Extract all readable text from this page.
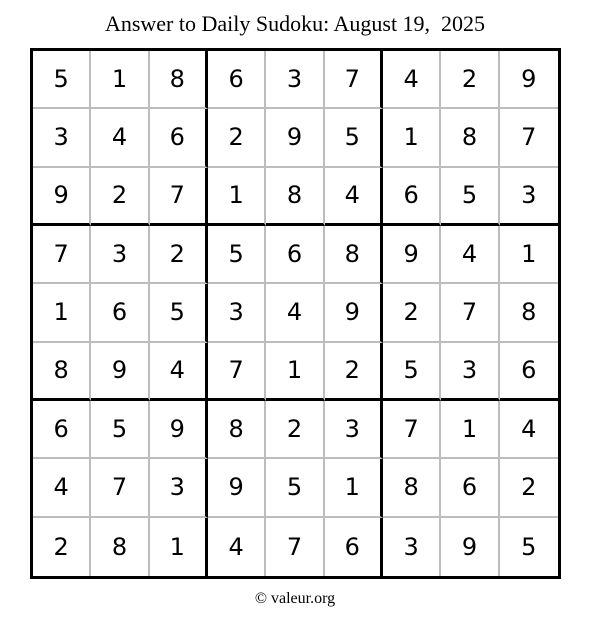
Answer to Daily Sudoku: August 19,  2025
5	1	8	6	3	7	4	2	9
3	4	6	2	9	5	1	8	7
9	2	7	1	8	4	6	5	3
7	3	2	5	6	8	9	4	1
1	6	5	3	4	9	2	7	8
8	9	4	7	1	2	5	3	6
6	5	9	8	2	3	7	1	4
4	7	3	9	5	1	8	6	2
2	8	1	4	7	6	3	9	5
© valeur.org
